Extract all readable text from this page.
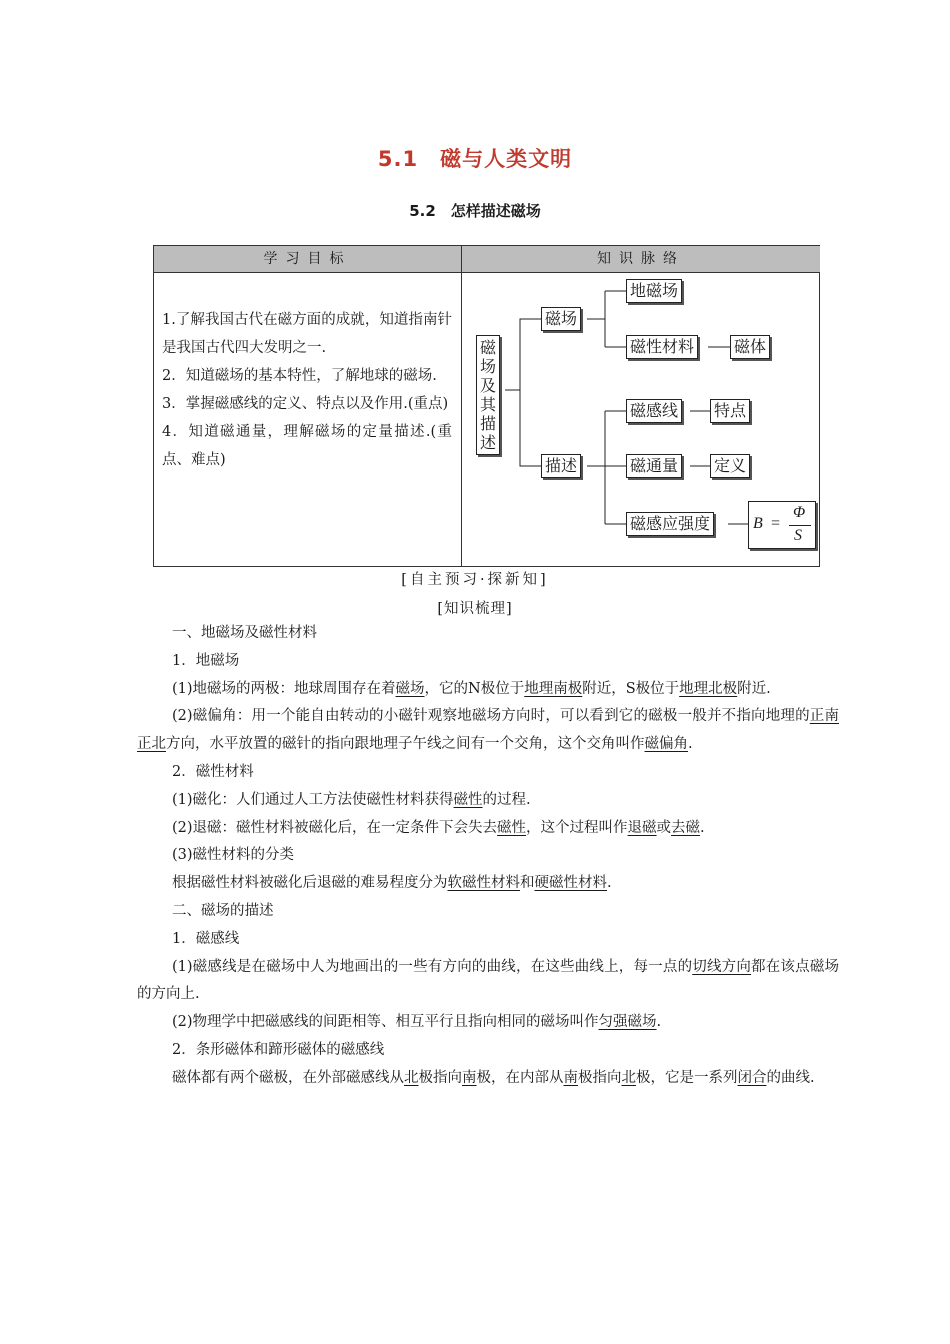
5.1　磁与人类文明
5.2　怎样描述磁场
学习目标	知识脉络

1.了解我国古代在磁方面的成就，知道指南针是我国古代四大发明之一.

2．知道磁场的基本特性，了解地球的磁场.

3．掌握磁感线的定义、特点以及作用.(重点)

4．知道磁通量，理解磁场的定量描述.(重点、难点)

磁场及其描述
磁场
地磁场
磁性材料 磁体
描述
磁感线 特点
磁通量 定义
磁感应强度	B =
Φ
S
[自主预习·探新知]
[知识梳理]

一、地磁场及磁性材料

1．地磁场

(1)地磁场的两极：地球周围存在着磁场，它的N极位于地理南极附近，S极位于地理北极附近.

(2)磁偏角：用一个能自由转动的小磁针观察地磁场方向时，可以看到它的磁极一般并不指向地理的正南正北方向，水平放置的磁针的指向跟地理子午线之间有一个交角，这个交角叫作磁偏角.

2．磁性材料

(1)磁化：人们通过人工方法使磁性材料获得磁性的过程.

(2)退磁：磁性材料被磁化后，在一定条件下会失去磁性，这个过程叫作退磁或去磁.

(3)磁性材料的分类

根据磁性材料被磁化后退磁的难易程度分为软磁性材料和硬磁性材料.

二、磁场的描述

1．磁感线

(1)磁感线是在磁场中人为地画出的一些有方向的曲线，在这些曲线上，每一点的切线方向都在该点磁场的方向上.

(2)物理学中把磁感线的间距相等、相互平行且指向相同的磁场叫作匀强磁场.

2．条形磁体和蹄形磁体的磁感线

磁体都有两个磁极，在外部磁感线从北极指向南极，在内部从南极指向北极，它是一系列闭合的曲线.
